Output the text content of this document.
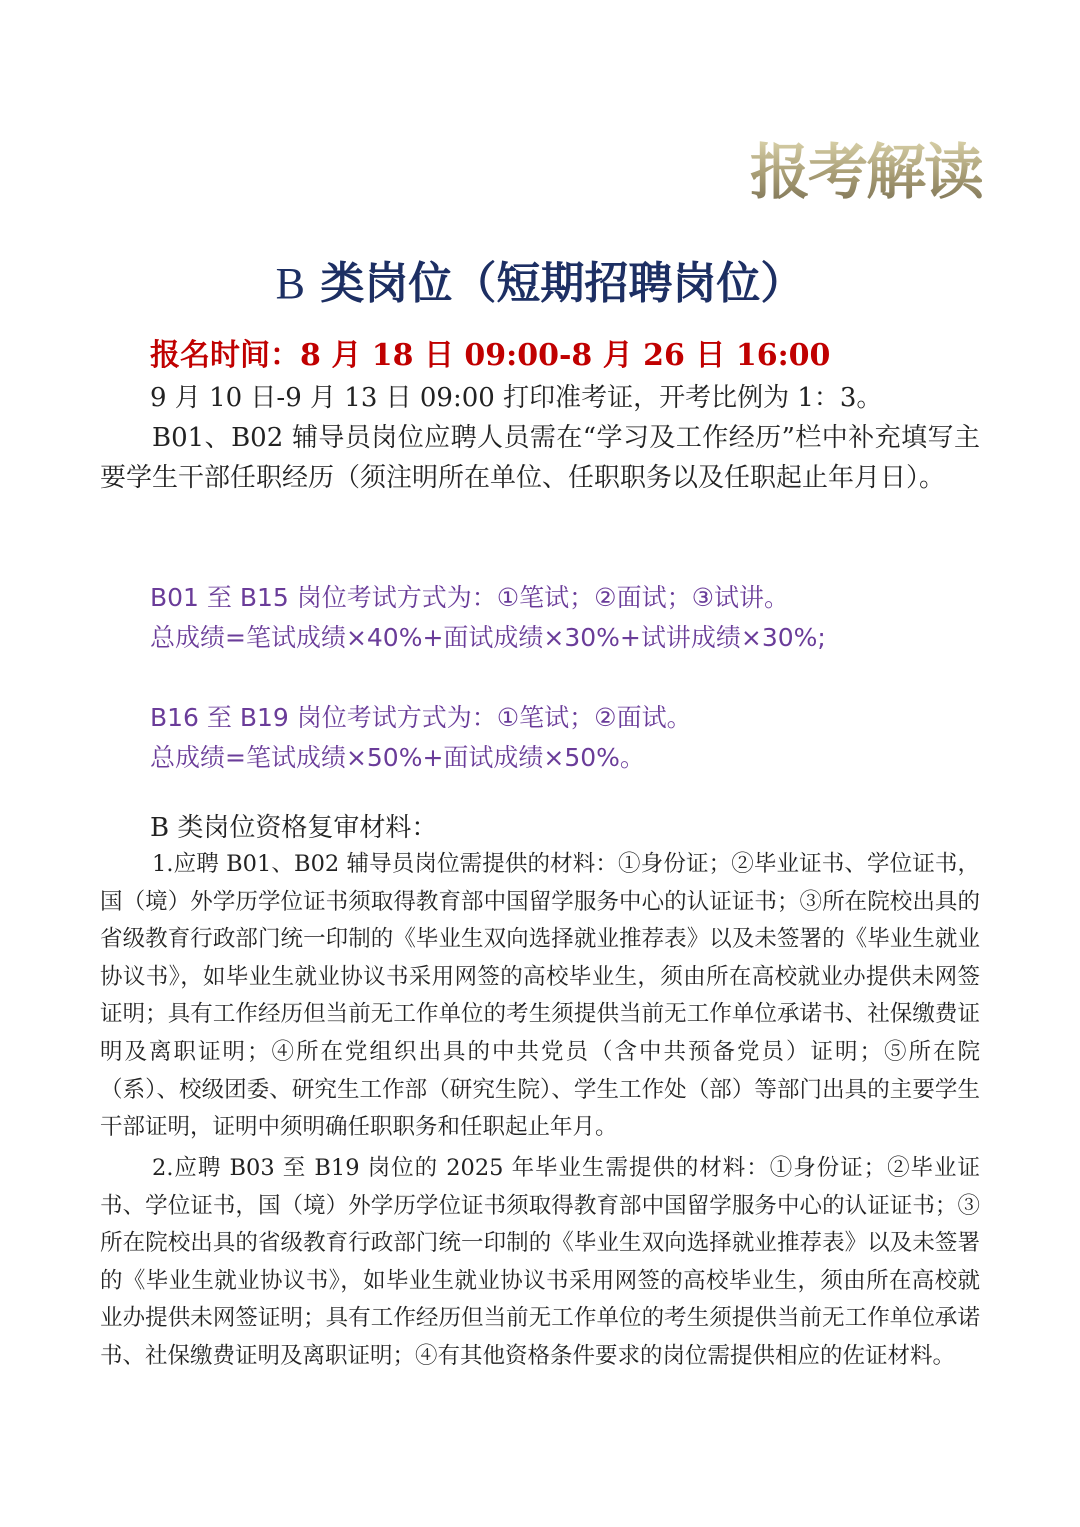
报考解读
B 类岗位（短期招聘岗位）
报名时间：8 月 18 日 09:00-8 月 26 日 16:00

9 月 10 日-9 月 13 日 09:00 打印准考证，开考比例为 1：3。

B01、B02 辅导员岗位应聘人员需在“学习及工作经历”栏中补充填写主要学生干部任职经历（须注明所在单位、任职职务以及任职起止年月日）。

B01 至 B15 岗位考试方式为：①笔试；②面试；③试讲。

总成绩=笔试成绩×40%+面试成绩×30%+试讲成绩×30%;

B16 至 B19 岗位考试方式为：①笔试；②面试。

总成绩=笔试成绩×50%+面试成绩×50%。

B 类岗位资格复审材料：

1.应聘 B01、B02 辅导员岗位需提供的材料：①身份证；②毕业证书、学位证书，国（境）外学历学位证书须取得教育部中国留学服务中心的认证证书；③所在院校出具的省级教育行政部门统一印制的《毕业生双向选择就业推荐表》以及未签署的《毕业生就业协议书》，如毕业生就业协议书采用网签的高校毕业生，须由所在高校就业办提供未网签证明；具有工作经历但当前无工作单位的考生须提供当前无工作单位承诺书、社保缴费证明及离职证明；④所在党组织出具的中共党员（含中共预备党员）证明；⑤所在院（系）、校级团委、研究生工作部（研究生院）、学生工作处（部）等部门出具的主要学生干部证明，证明中须明确任职职务和任职起止年月。

2.应聘 B03 至 B19 岗位的 2025 年毕业生需提供的材料：①身份证；②毕业证书、学位证书，国（境）外学历学位证书须取得教育部中国留学服务中心的认证证书；③所在院校出具的省级教育行政部门统一印制的《毕业生双向选择就业推荐表》以及未签署的《毕业生就业协议书》，如毕业生就业协议书采用网签的高校毕业生，须由所在高校就业办提供未网签证明；具有工作经历但当前无工作单位的考生须提供当前无工作单位承诺书、社保缴费证明及离职证明；④有其他资格条件要求的岗位需提供相应的佐证材料。
